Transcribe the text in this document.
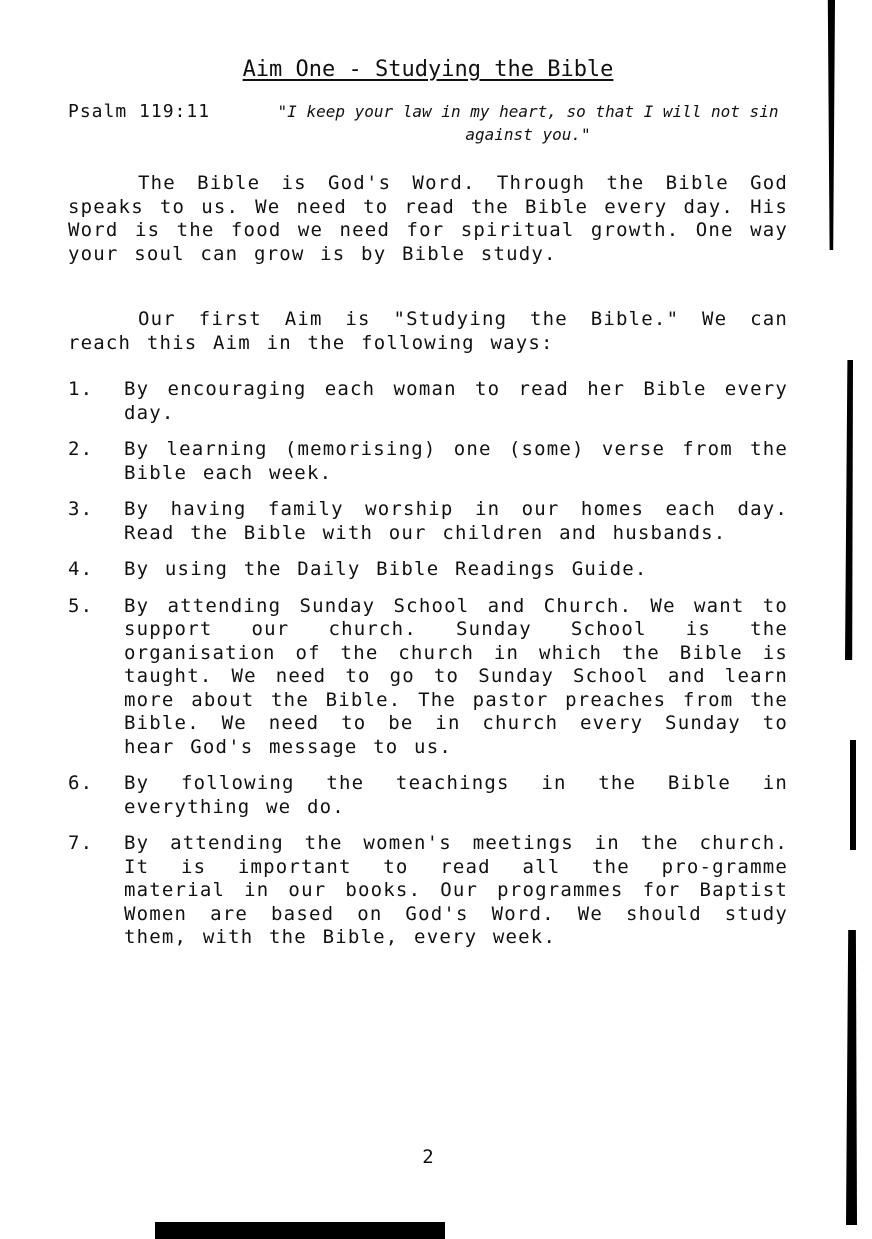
Aim One - Studying the Bible
Psalm 119:11	"I keep your law in my heart, so that I will not sin against you."
The Bible is God's Word. Through the Bible God speaks to us. We need to read the Bible every day. His Word is the food we need for spiritual growth. One way your soul can grow is by Bible study.
Our first Aim is "Studying the Bible." We can reach this Aim in the following ways:
1.	By encouraging each woman to read her Bible every day.
2.	By learning (memorising) one (some) verse from the Bible each week.
3.	By having family worship in our homes each day. Read the Bible with our children and husbands.
4.	By using the Daily Bible Readings Guide.
5.	By attending Sunday School and Church. We want to support our church. Sunday School is the organisation of the church in which the Bible is taught. We need to go to Sunday School and learn more about the Bible. The pastor preaches from the Bible. We need to be in church every Sunday to hear God's message to us.
6.	By following the teachings in the Bible in everything we do.
7.	By attending the women's meetings in the church. It is important to read all the pro-gramme material in our books. Our programmes for Baptist Women are based on God's Word. We should study them, with the Bible, every week.
2
